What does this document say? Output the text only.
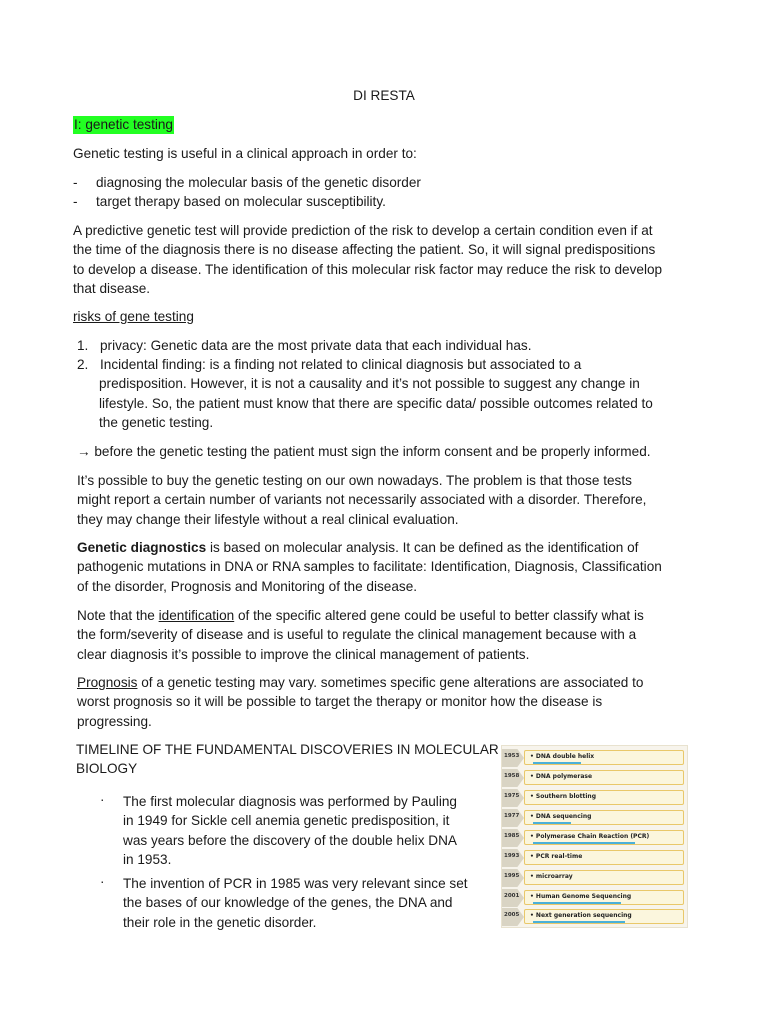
DI RESTA
I: genetic testing
Genetic testing is useful in a clinical approach in order to:
- diagnosing the molecular basis of the genetic disorder
- target therapy based on molecular susceptibility.

A predictive genetic test will provide prediction of the risk to develop a certain condition even if at

the time of the diagnosis there is no disease affecting the patient. So, it will signal predispositions

to develop a disease. The identification of this molecular risk factor may reduce the risk to develop

that disease.

risks of gene testing
1. privacy: Genetic data are the most private data that each individual has.
2. Incidental finding: is a finding not related to clinical diagnosis but associated to a
predisposition. However, it is not a causality and it’s not possible to suggest any change in
lifestyle. So, the patient must know that there are specific data/ possible outcomes related to
the genetic testing.
→ before the genetic testing the patient must sign the inform consent and be properly informed.

It’s possible to buy the genetic testing on our own nowadays. The problem is that those tests

might report a certain number of variants not necessarily associated with a disorder. Therefore,

they may change their lifestyle without a real clinical evaluation.

Genetic diagnostics is based on molecular analysis. It can be defined as the identification of

pathogenic mutations in DNA or RNA samples to facilitate: Identification, Diagnosis, Classification

of the disorder, Prognosis and Monitoring of the disease.

Note that the identification of the specific altered gene could be useful to better classify what is

the form/severity of disease and is useful to regulate the clinical management because with a

clear diagnosis it’s possible to improve the clinical management of patients.

Prognosis of a genetic testing may vary. sometimes specific gene alterations are associated to

worst prognosis so it will be possible to target the therapy or monitor how the disease is

progressing.

TIMELINE OF THE FUNDAMENTAL DISCOVERIES IN MOLECULAR

BIOLOGY

· The first molecular diagnosis was performed by Pauling

in 1949 for Sickle cell anemia genetic predisposition, it

was years before the discovery of the double helix DNA

in 1953.

· The invention of PCR in 1985 was very relevant since set

the bases of our knowledge of the genes, the DNA and

their role in the genetic disorder.

1953 • DNA double helix
1958 • DNA polymerase
1975 • Southern blotting
1977 • DNA sequencing
1985 • Polymerase Chain Reaction (PCR)
1993 • PCR real-time
1995 • microarray
2001 • Human Genome Sequencing
2005 • Next generation sequencing
